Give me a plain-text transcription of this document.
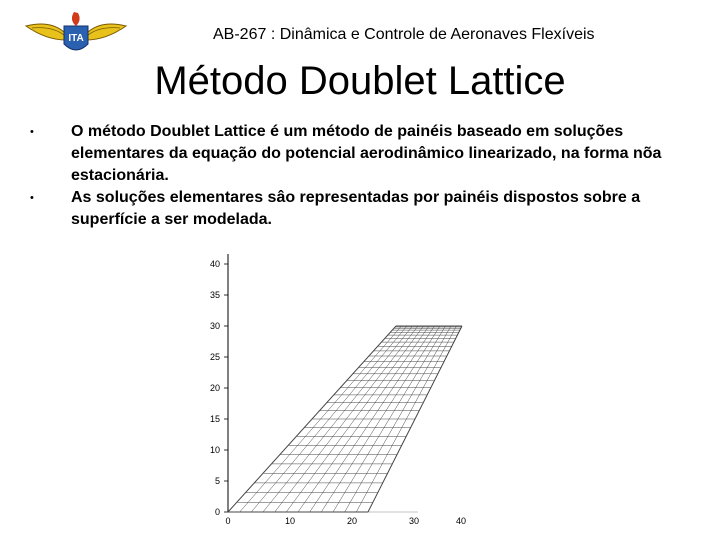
ITA	AB-267 : Dinâmica e Controle de Aeronaves Flexíveis
Método Doublet Lattice
• O método Doublet Lattice é um método de painéis baseado em soluções elementares da equação do potencial aerodinâmico linearizado, na forma nõa estacionária.
• As soluções elementares sâo representadas por painéis dispostos sobre a superfície a ser modelada.
0
5
10
15
20
25
30
35
40
0	10	20	30	40
